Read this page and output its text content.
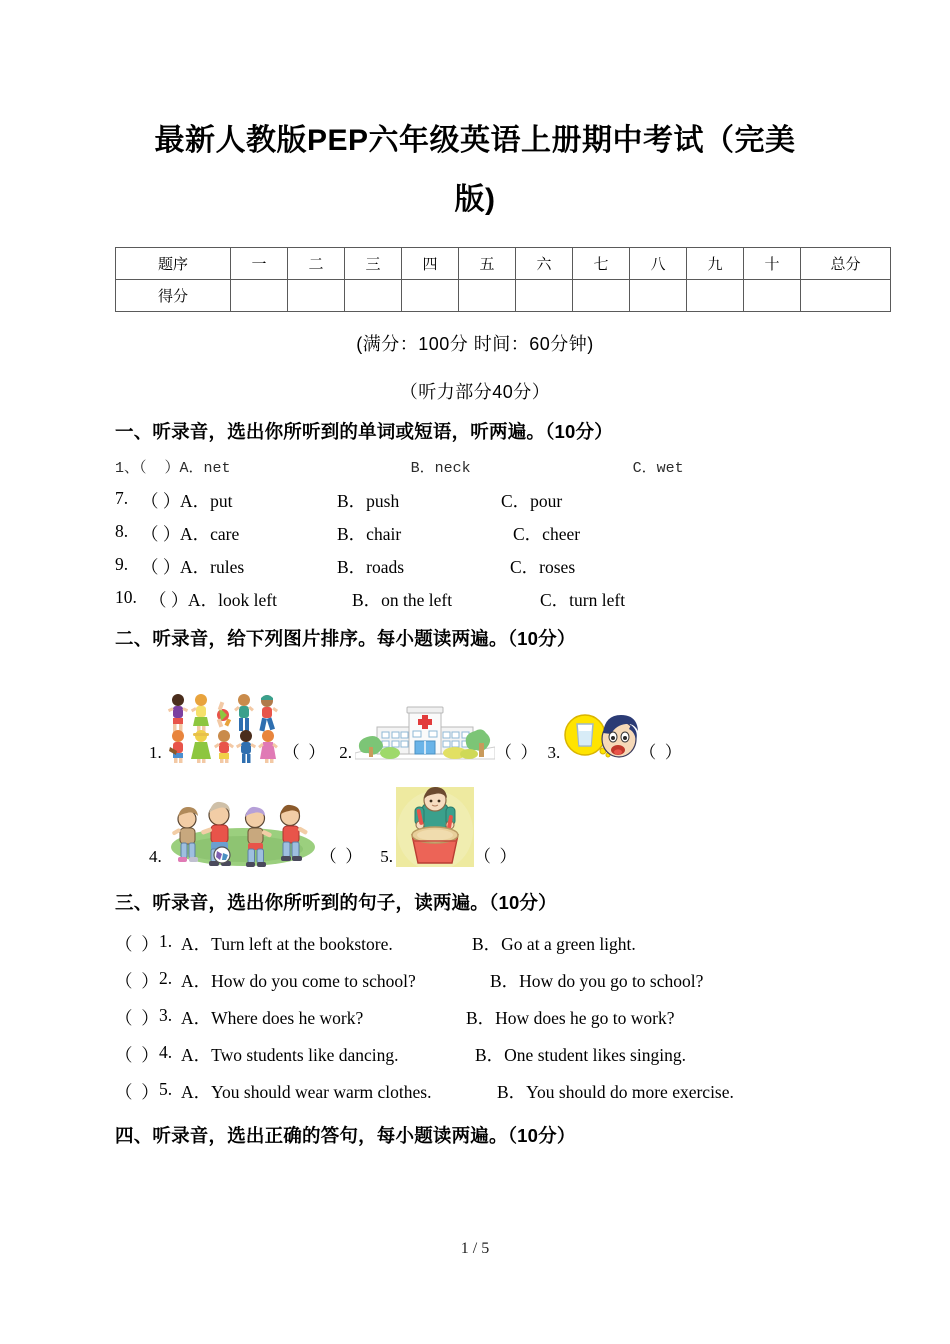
最新人教版PEP六年级英语上册期中考试（完美
版)
题序	一	二	三	四	五	六	七	八	九	十	总分
得分											
(满分：100分 时间：60分钟)
（听力部分40分）
一、听录音，选出你所听到的单词或短语，听两遍。（10分）
1、（  ）A．net	B．neck	C．wet
7. （ ） A．put	B．push	C．pour
8. （ ） A．care	B．chair	C．cheer
9. （ ） A．rules	B．roads	C．roses
10. （ ） A．look left	B．on the left	C．turn left
二、听录音，给下列图片排序。每小题读两遍。（10分）
1.	（  ） 2.	（  ） 3.	（  ）
4.	（  ） 5.	（  ）
三、听录音，选出你所听到的句子，读两遍。（10分）
（  ） 1. A．Turn left at the bookstore.	B．Go at a green light.
（  ） 2. A．How do you come to school?	B．How do you go to school?
（  ） 3. A．Where does he work?	B．How does he go to work?
（  ） 4. A．Two students like dancing.	B．One student likes singing.
（  ） 5. A．You should wear warm clothes.	B．You should do more exercise.
四、听录音，选出正确的答句，每小题读两遍。（10分）
1 / 5
